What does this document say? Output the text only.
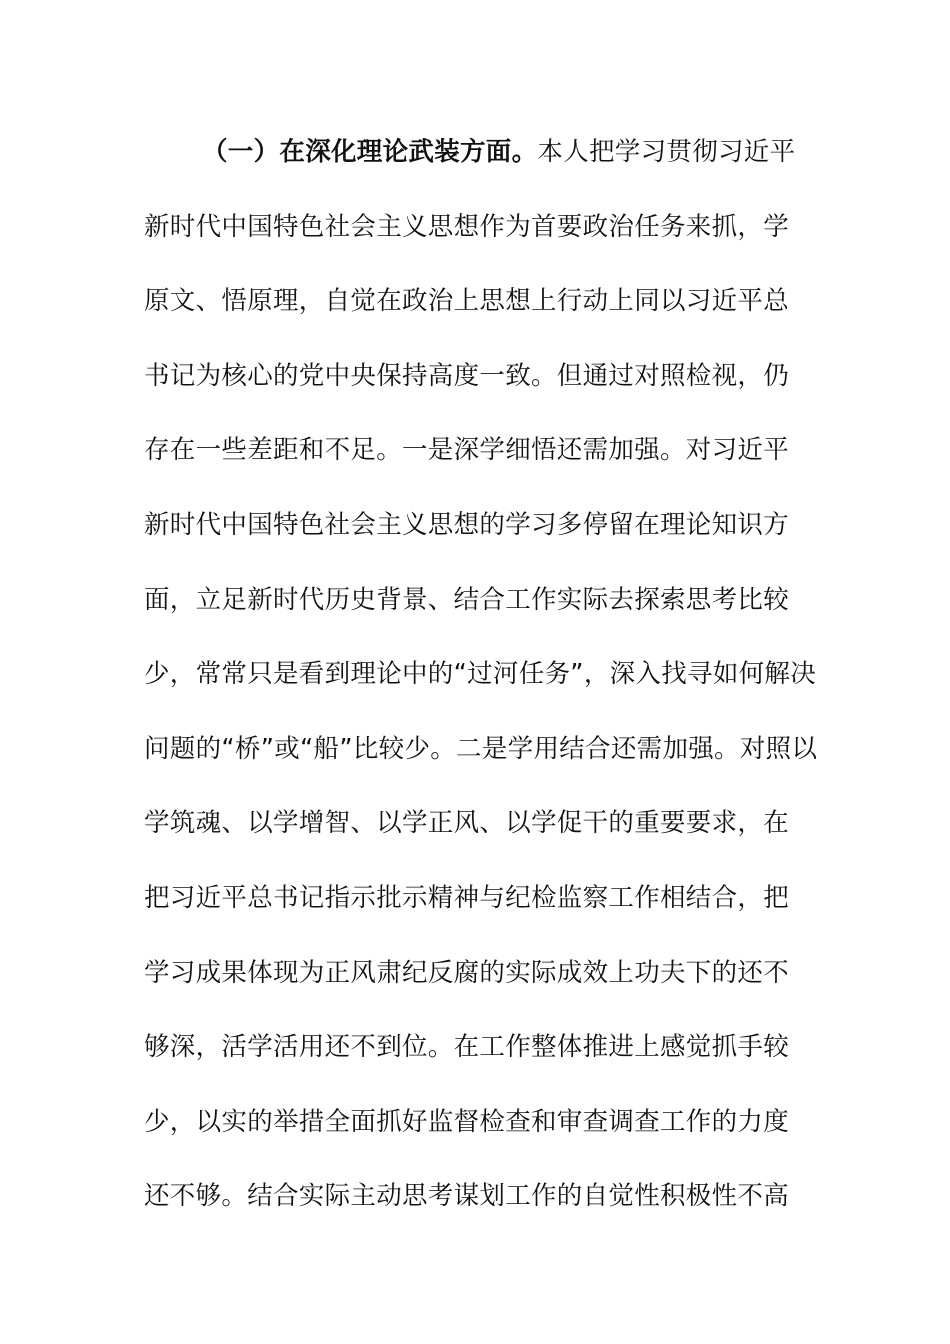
（一）在深化理论武装方面。本人把学习贯彻习近平
新时代中国特色社会主义思想作为首要政治任务来抓，学
原文、悟原理，自觉在政治上思想上行动上同以习近平总
书记为核心的党中央保持高度一致。但通过对照检视，仍
存在一些差距和不足。一是深学细悟还需加强。对习近平
新时代中国特色社会主义思想的学习多停留在理论知识方
面，立足新时代历史背景、结合工作实际去探索思考比较
少，常常只是看到理论中的“过河任务”，深入找寻如何解决
问题的“桥”或“船”比较少。二是学用结合还需加强。对照以
学筑魂、以学增智、以学正风、以学促干的重要要求，在
把习近平总书记指示批示精神与纪检监察工作相结合，把
学习成果体现为正风肃纪反腐的实际成效上功夫下的还不
够深，活学活用还不到位。在工作整体推进上感觉抓手较
少，以实的举措全面抓好监督检查和审查调查工作的力度
还不够。结合实际主动思考谋划工作的自觉性积极性不高
